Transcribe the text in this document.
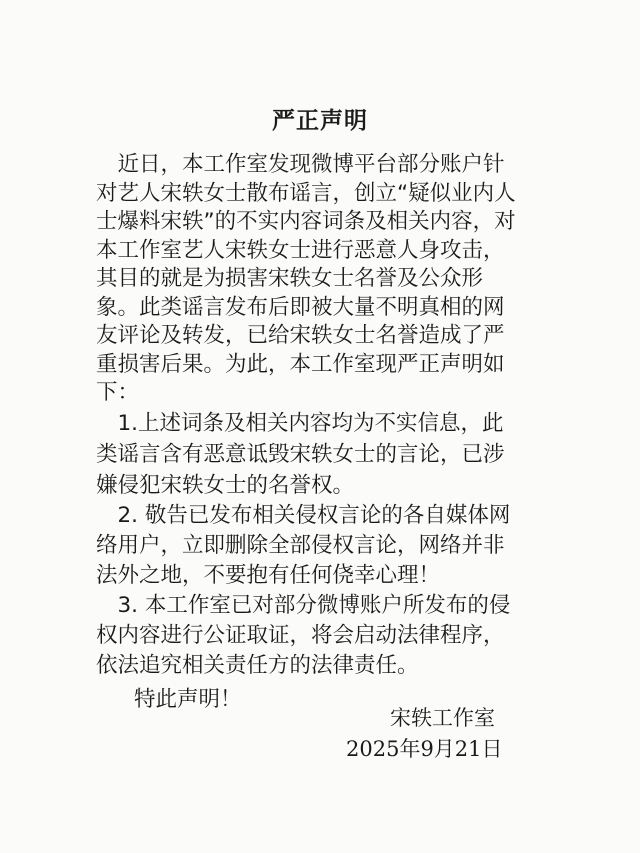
严正声明
　近日，本工作室发现微博平台部分账户针
对艺人宋轶女士散布谣言，创立“疑似业内人
士爆料宋轶”的不实内容词条及相关内容，对
本工作室艺人宋轶女士进行恶意人身攻击，
其目的就是为损害宋轶女士名誉及公众形
象。此类谣言发布后即被大量不明真相的网
友评论及转发，已给宋轶女士名誉造成了严
重损害后果。为此，本工作室现严正声明如
下：
　1.上述词条及相关内容均为不实信息，此
类谣言含有恶意诋毁宋轶女士的言论，已涉
嫌侵犯宋轶女士的名誉权。
　2. 敬告已发布相关侵权言论的各自媒体网
络用户，立即删除全部侵权言论，网络并非
法外之地，不要抱有任何侥幸心理！
　3. 本工作室已对部分微博账户所发布的侵
权内容进行公证取证，将会启动法律程序，
依法追究相关责任方的法律责任。
特此声明！
宋轶工作室
2025年9月21日
